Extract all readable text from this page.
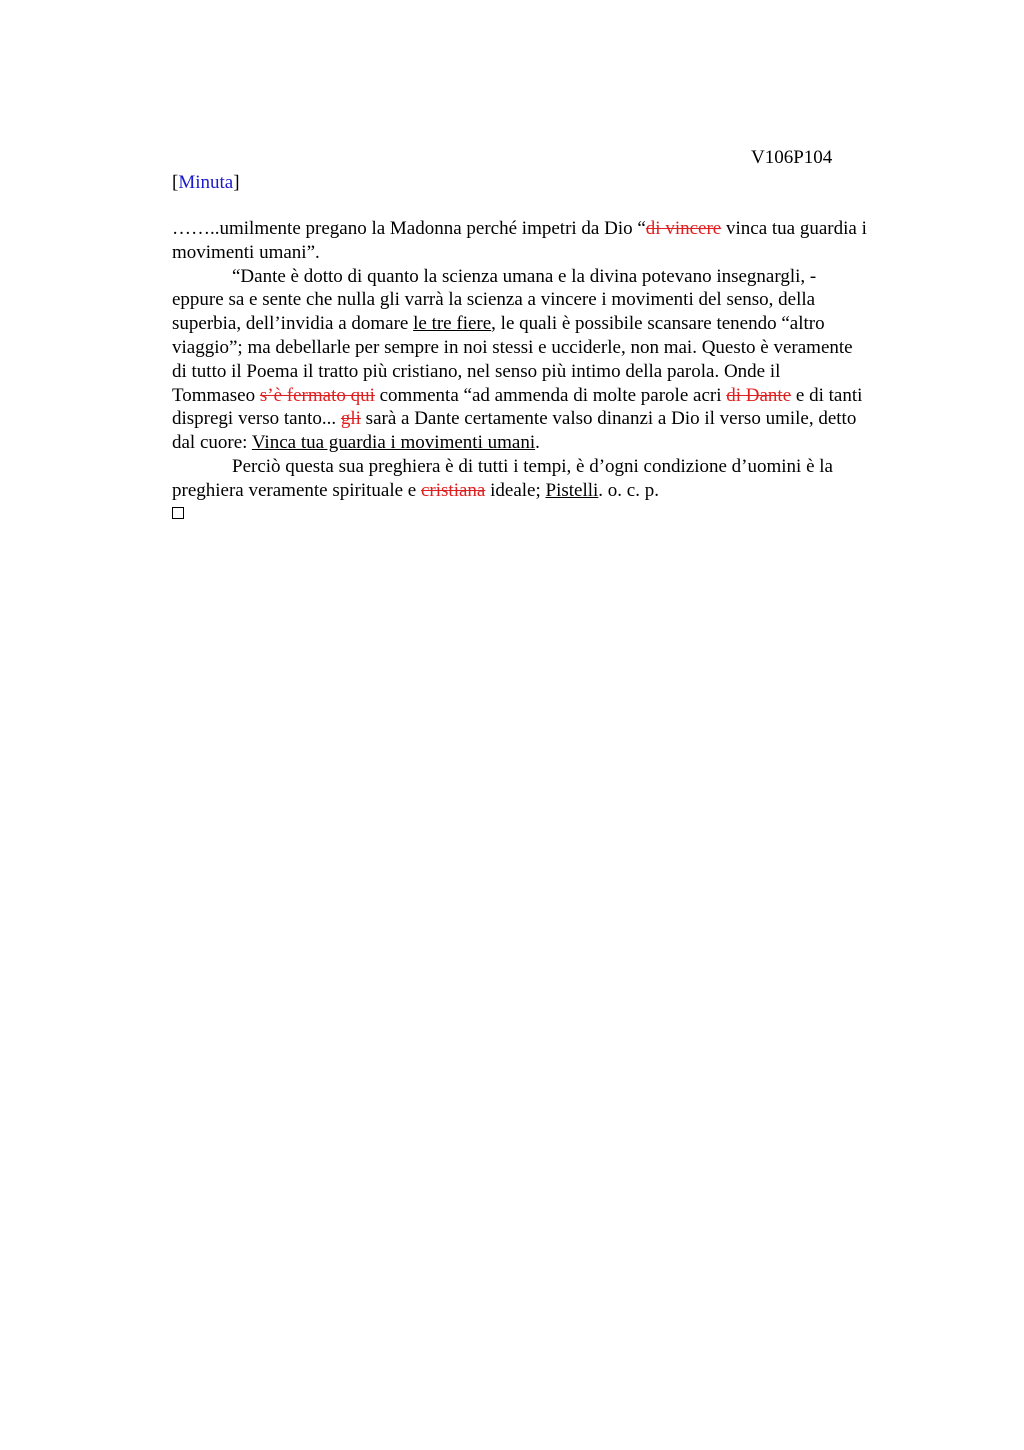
V106P104
[Minuta]

……..umilmente pregano la Madonna perché impetri da Dio “di vincere vinca tua guardia i

movimenti umani”.

“Dante è dotto di quanto la scienza umana e la divina potevano insegnargli, -

eppure sa e sente che nulla gli varrà la scienza a vincere i movimenti del senso, della

superbia, dell’invidia a domare le tre fiere, le quali è possibile scansare tenendo “altro

viaggio”; ma debellarle per sempre in noi stessi e ucciderle, non mai. Questo è veramente

di tutto il Poema il tratto più cristiano, nel senso più intimo della parola. Onde il

Tommaseo s’è fermato qui commenta “ad ammenda di molte parole acri di Dante e di tanti

dispregi verso tanto... gli sarà a Dante certamente valso dinanzi a Dio il verso umile, detto

dal cuore: Vinca tua guardia i movimenti umani.

Perciò questa sua preghiera è di tutti i tempi, è d’ogni condizione d’uomini è la

preghiera veramente spirituale e cristiana ideale; Pistelli. o. c. p.
